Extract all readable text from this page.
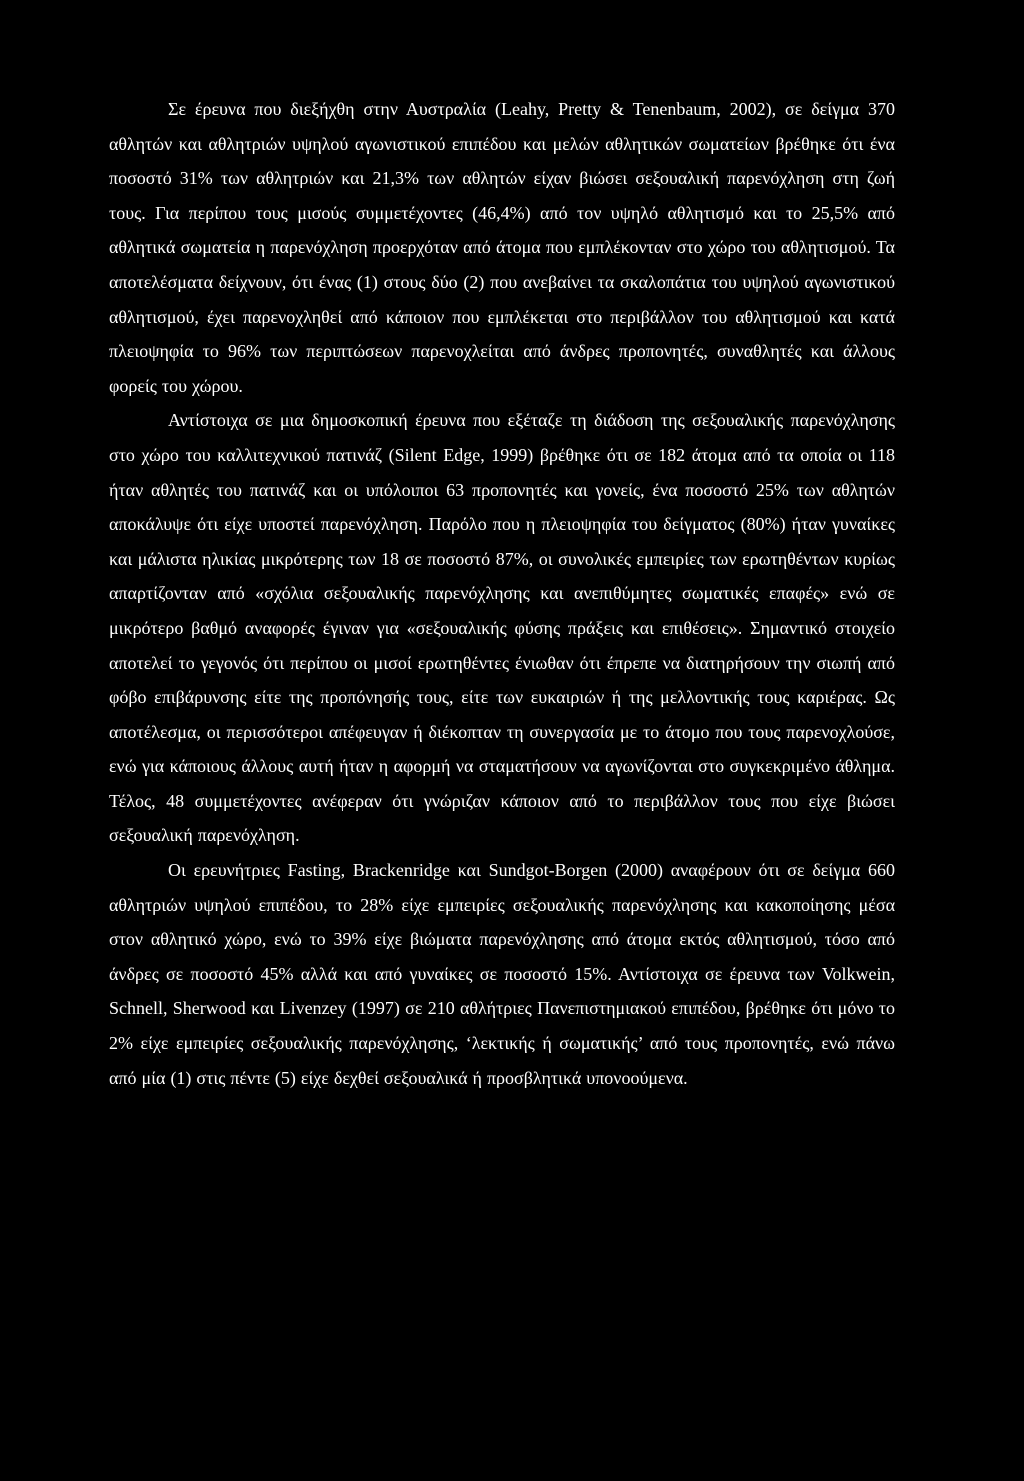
Σε έρευνα που διεξήχθη στην Αυστραλία (Leahy, Pretty & Tenenbaum, 2002), σε δείγμα 370 αθλητών και αθλητριών υψηλού αγωνιστικού επιπέδου και μελών αθλητικών σωματείων βρέθηκε ότι ένα ποσοστό 31% των αθλητριών και 21,3% των αθλητών είχαν βιώσει σεξουαλική παρενόχληση στη ζωή τους. Για περίπου τους μισούς συμμετέχοντες (46,4%) από τον υψηλό αθλητισμό και το 25,5% από αθλητικά σωματεία η παρενόχληση προερχόταν από άτομα που εμπλέκονταν στο χώρο του αθλητισμού. Τα αποτελέσματα δείχνουν, ότι ένας (1) στους δύο (2) που ανεβαίνει τα σκαλοπάτια του υψηλού αγωνιστικού αθλητισμού, έχει παρενοχληθεί από κάποιον που εμπλέκεται στο περιβάλλον του αθλητισμού και κατά πλειοψηφία το 96% των περιπτώσεων παρενοχλείται από άνδρες προπονητές, συναθλητές και άλλους φορείς του χώρου.

Αντίστοιχα σε μια δημοσκοπική έρευνα που εξέταζε τη διάδοση της σεξουαλικής παρενόχλησης στο χώρο του καλλιτεχνικού πατινάζ (Silent Edge, 1999) βρέθηκε ότι σε 182 άτομα από τα οποία οι 118 ήταν αθλητές του πατινάζ και οι υπόλοιποι 63 προπονητές και γονείς, ένα ποσοστό 25% των αθλητών αποκάλυψε ότι είχε υποστεί παρενόχληση. Παρόλο που η πλειοψηφία του δείγματος (80%) ήταν γυναίκες και μάλιστα ηλικίας μικρότερης των 18 σε ποσοστό 87%, οι συνολικές εμπειρίες των ερωτηθέντων κυρίως απαρτίζονταν από «σχόλια σεξουαλικής παρενόχλησης και ανεπιθύμητες σωματικές επαφές» ενώ σε μικρότερο βαθμό αναφορές έγιναν για «σεξουαλικής φύσης πράξεις και επιθέσεις». Σημαντικό στοιχείο αποτελεί το γεγονός ότι περίπου οι μισοί ερωτηθέντες ένιωθαν ότι έπρεπε να διατηρήσουν την σιωπή από φόβο επιβάρυνσης είτε της προπόνησής τους, είτε των ευκαιριών ή της μελλοντικής τους καριέρας. Ως αποτέλεσμα, οι περισσότεροι απέφευγαν ή διέκοπταν τη συνεργασία με το άτομο που τους παρενοχλούσε, ενώ για κάποιους άλλους αυτή ήταν η αφορμή να σταματήσουν να αγωνίζονται στο συγκεκριμένο άθλημα. Τέλος, 48 συμμετέχοντες ανέφεραν ότι γνώριζαν κάποιον από το περιβάλλον τους που είχε βιώσει σεξουαλική παρενόχληση.

Οι ερευνήτριες Fasting, Brackenridge και Sundgot-Borgen (2000) αναφέρουν ότι σε δείγμα 660 αθλητριών υψηλού επιπέδου, το 28% είχε εμπειρίες σεξουαλικής παρενόχλησης και κακοποίησης μέσα στον αθλητικό χώρο, ενώ το 39% είχε βιώματα παρενόχλησης από άτομα εκτός αθλητισμού, τόσο από άνδρες σε ποσοστό 45% αλλά και από γυναίκες σε ποσοστό 15%. Αντίστοιχα σε έρευνα των Volkwein, Schnell, Sherwood και Livenzey (1997) σε 210 αθλήτριες Πανεπιστημιακού επιπέδου, βρέθηκε ότι μόνο το 2% είχε εμπειρίες σεξουαλικής παρενόχλησης, ‘λεκτικής ή σωματικής’ από τους προπονητές, ενώ πάνω από μία (1) στις πέντε (5) είχε δεχθεί σεξουαλικά ή προσβλητικά υπονοούμενα.
